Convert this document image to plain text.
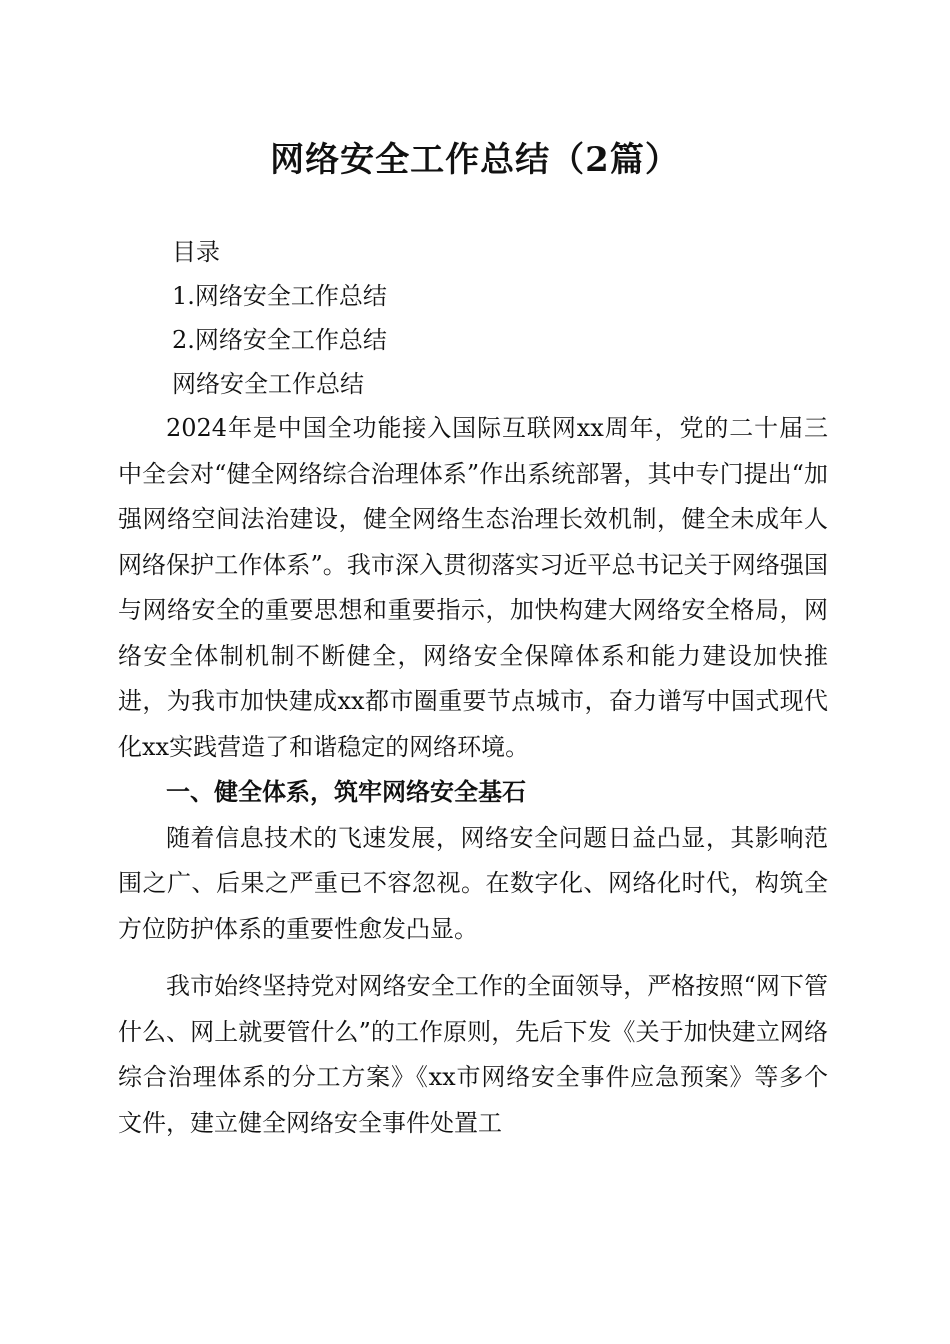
网络安全工作总结（2篇）
目录
1.网络安全工作总结
2.网络安全工作总结
网络安全工作总结

2024年是中国全功能接入国际互联网xx周年，党的二十届三中全会对“健全网络综合治理体系”作出系统部署，其中专门提出“加强网络空间法治建设，健全网络生态治理长效机制，健全未成年人网络保护工作体系”。我市深入贯彻落实习近平总书记关于网络强国与网络安全的重要思想和重要指示，加快构建大网络安全格局，网络安全体制机制不断健全，网络安全保障体系和能力建设加快推进，为我市加快建成xx都市圈重要节点城市，奋力谱写中国式现代化xx实践营造了和谐稳定的网络环境。

一、健全体系，筑牢网络安全基石

随着信息技术的飞速发展，网络安全问题日益凸显，其影响范围之广、后果之严重已不容忽视。在数字化、网络化时代，构筑全方位防护体系的重要性愈发凸显。

我市始终坚持党对网络安全工作的全面领导，严格按照“网下管什么、网上就要管什么”的工作原则，先后下发《关于加快建立网络综合治理体系的分工方案》《xx市网络安全事件应急预案》等多个文件，建立健全网络安全事件处置工
